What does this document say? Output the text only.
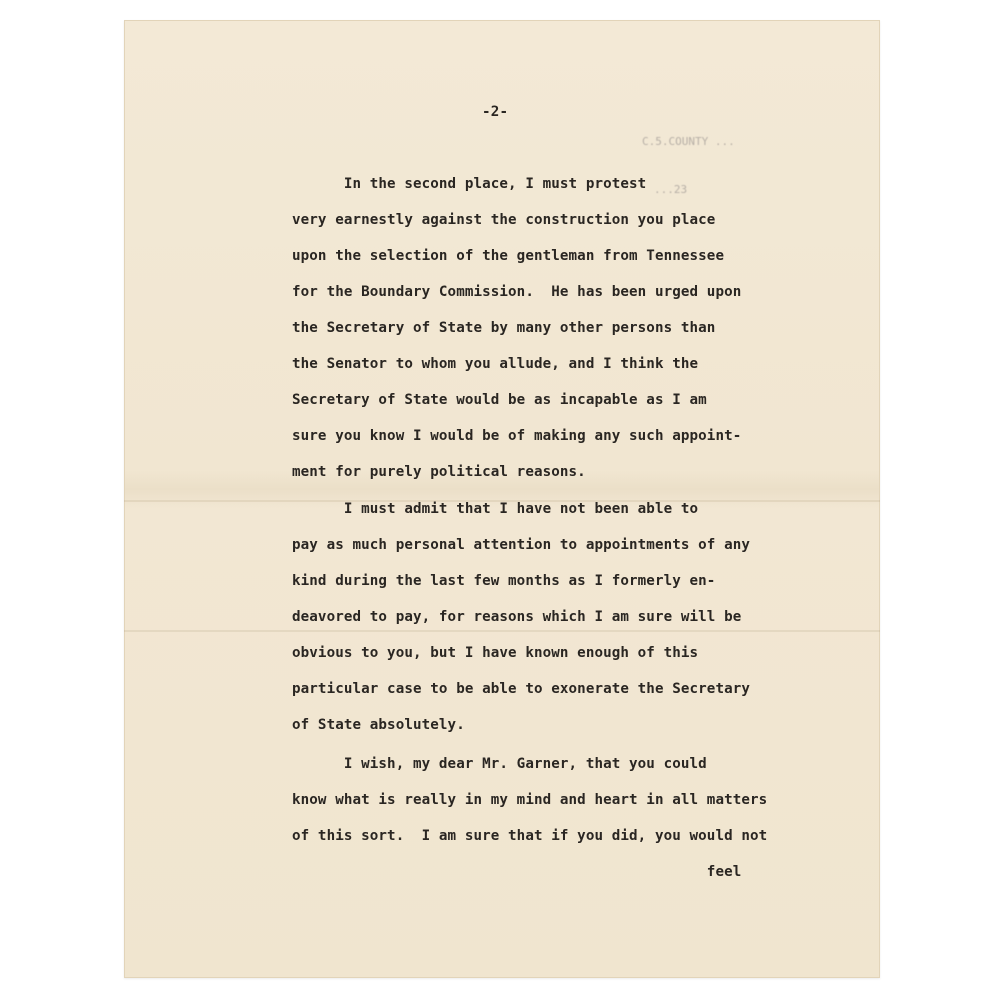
-2-

C.5.COUNTY ...

...23

In the second place, I must protest
very earnestly against the construction you place
upon the selection of the gentleman from Tennessee
for the Boundary Commission.  He has been urged upon
the Secretary of State by many other persons than
the Senator to whom you allude, and I think the
Secretary of State would be as incapable as I am
sure you know I would be of making any such appoint-
ment for purely political reasons.
I must admit that I have not been able to
pay as much personal attention to appointments of any
kind during the last few months as I formerly en-
deavored to pay, for reasons which I am sure will be
obvious to you, but I have known enough of this
particular case to be able to exonerate the Secretary
of State absolutely.
I wish, my dear Mr. Garner, that you could
know what is really in my mind and heart in all matters
of this sort.  I am sure that if you did, you would not
feel
